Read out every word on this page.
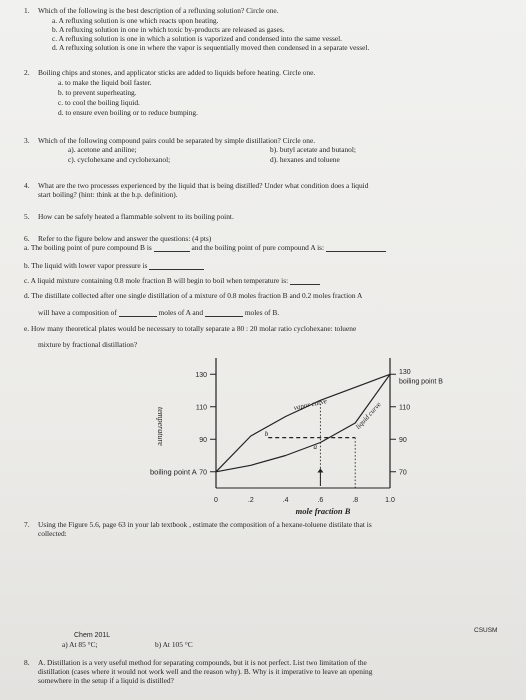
1. Which of the following is the best description of a refluxing solution? Circle one.
a. A refluxing solution is one which reacts upon heating.
b. A refluxing solution in one in which toxic by-products are released as gases.
c. A refluxing solution is one in which a solution is vaporized and condensed into the same vessel.
d. A refluxing solution is one in where the vapor is sequentially moved then condensed in a separate vessel.
2. Boiling chips and stones, and applicator sticks are added to liquids before heating. Circle one.
a. to make the liquid boil faster.
b. to prevent superheating.
c. to cool the boiling liquid.
d. to ensure even boiling or to reduce bumping.
3. Which of the following compound pairs could be separated by simple distillation? Circle one.
a). acetone and aniline;	b). butyl acetate and butanol;
c). cyclohexane and cyclohexanol;	d). hexanes and toluene
4. What are the two processes experienced by the liquid that is being distilled? Under what condition does a liquid
start boiling? (hint: think at the b.p. definition).
5. How can be safely heated a flammable solvent to its boiling point.
6. Refer to the figure below and answer the questions: (4 pts)
a. The boiling point of pure compound B is	and the boiling point of pure compound A is:
b. The liquid with lower vapor pressure is
c. A liquid mixture containing 0.8 mole fraction B will begin to boil when temperature is:
d. The distillate collected after one single distillation of a mixture of 0.8 moles fraction B and 0.2 moles fraction A
will have a composition of	moles of A and	moles of B.
e. How many theoretical plates would be necessary to totally separate a 80 : 20 molar ratio cyclohexane: toluene
mixture by fractional distillation?
130
110
90
70
130
110
90
70
0	.2	.4	.6	.8	1.0
vapor curve	liquid curve
b
a
boiling point A
boiling point B
temperature
mole fraction B
7. Using the Figure 5.6, page 63 in your lab textbook , estimate the composition of a hexane-toluene distilate that is
collected:
Chem 201L
CSUSM
a) At 85 °C;	b) At 105 °C
8. A. Distillation is a very useful method for separating compounds, but it is not perfect. List two limitation of the
distillation (cases where it would not work well and the reason why). B. Why is it imperative to leave an opening
somewhere in the setup if a liquid is distilled?
